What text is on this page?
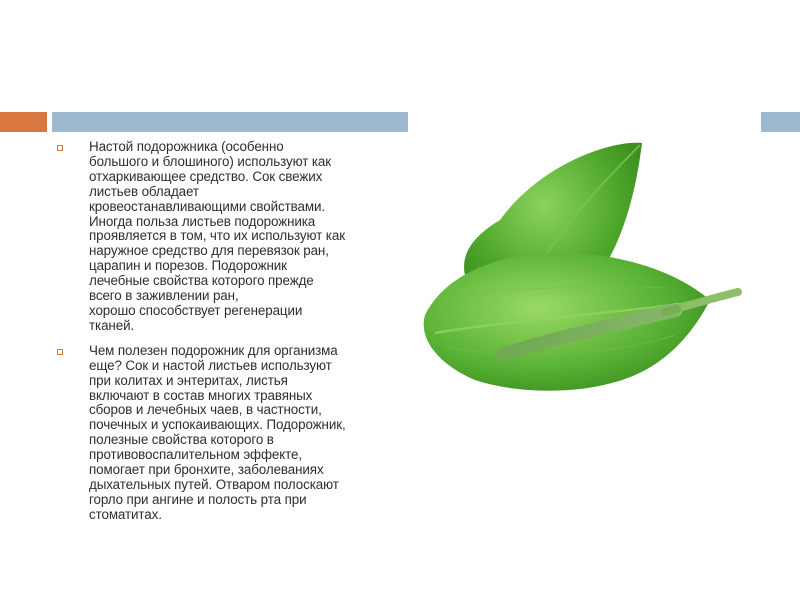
Настой подорожника (особенно
большого и блошиного) используют как
отхаркивающее средство. Сок свежих
листьев обладает
кровеостанавливающими свойствами.
Иногда польза листьев подорожника
проявляется в том, что их используют как
наружное средство для перевязок ран,
царапин и порезов. Подорожник
лечебные свойства которого прежде
всего в заживлении ран,
хорошо способствует регенерации
тканей.
Чем полезен подорожник для организма
еще? Сок и настой листьев используют
при колитах и энтеритах, листья
включают в состав многих травяных
сборов и лечебных чаев, в частности,
почечных и успокаивающих. Подорожник,
полезные свойства которого в
противовоспалительном эффекте,
помогает при бронхите, заболеваниях
дыхательных путей. Отваром полоскают
горло при ангине и полость рта при
стоматитах.
